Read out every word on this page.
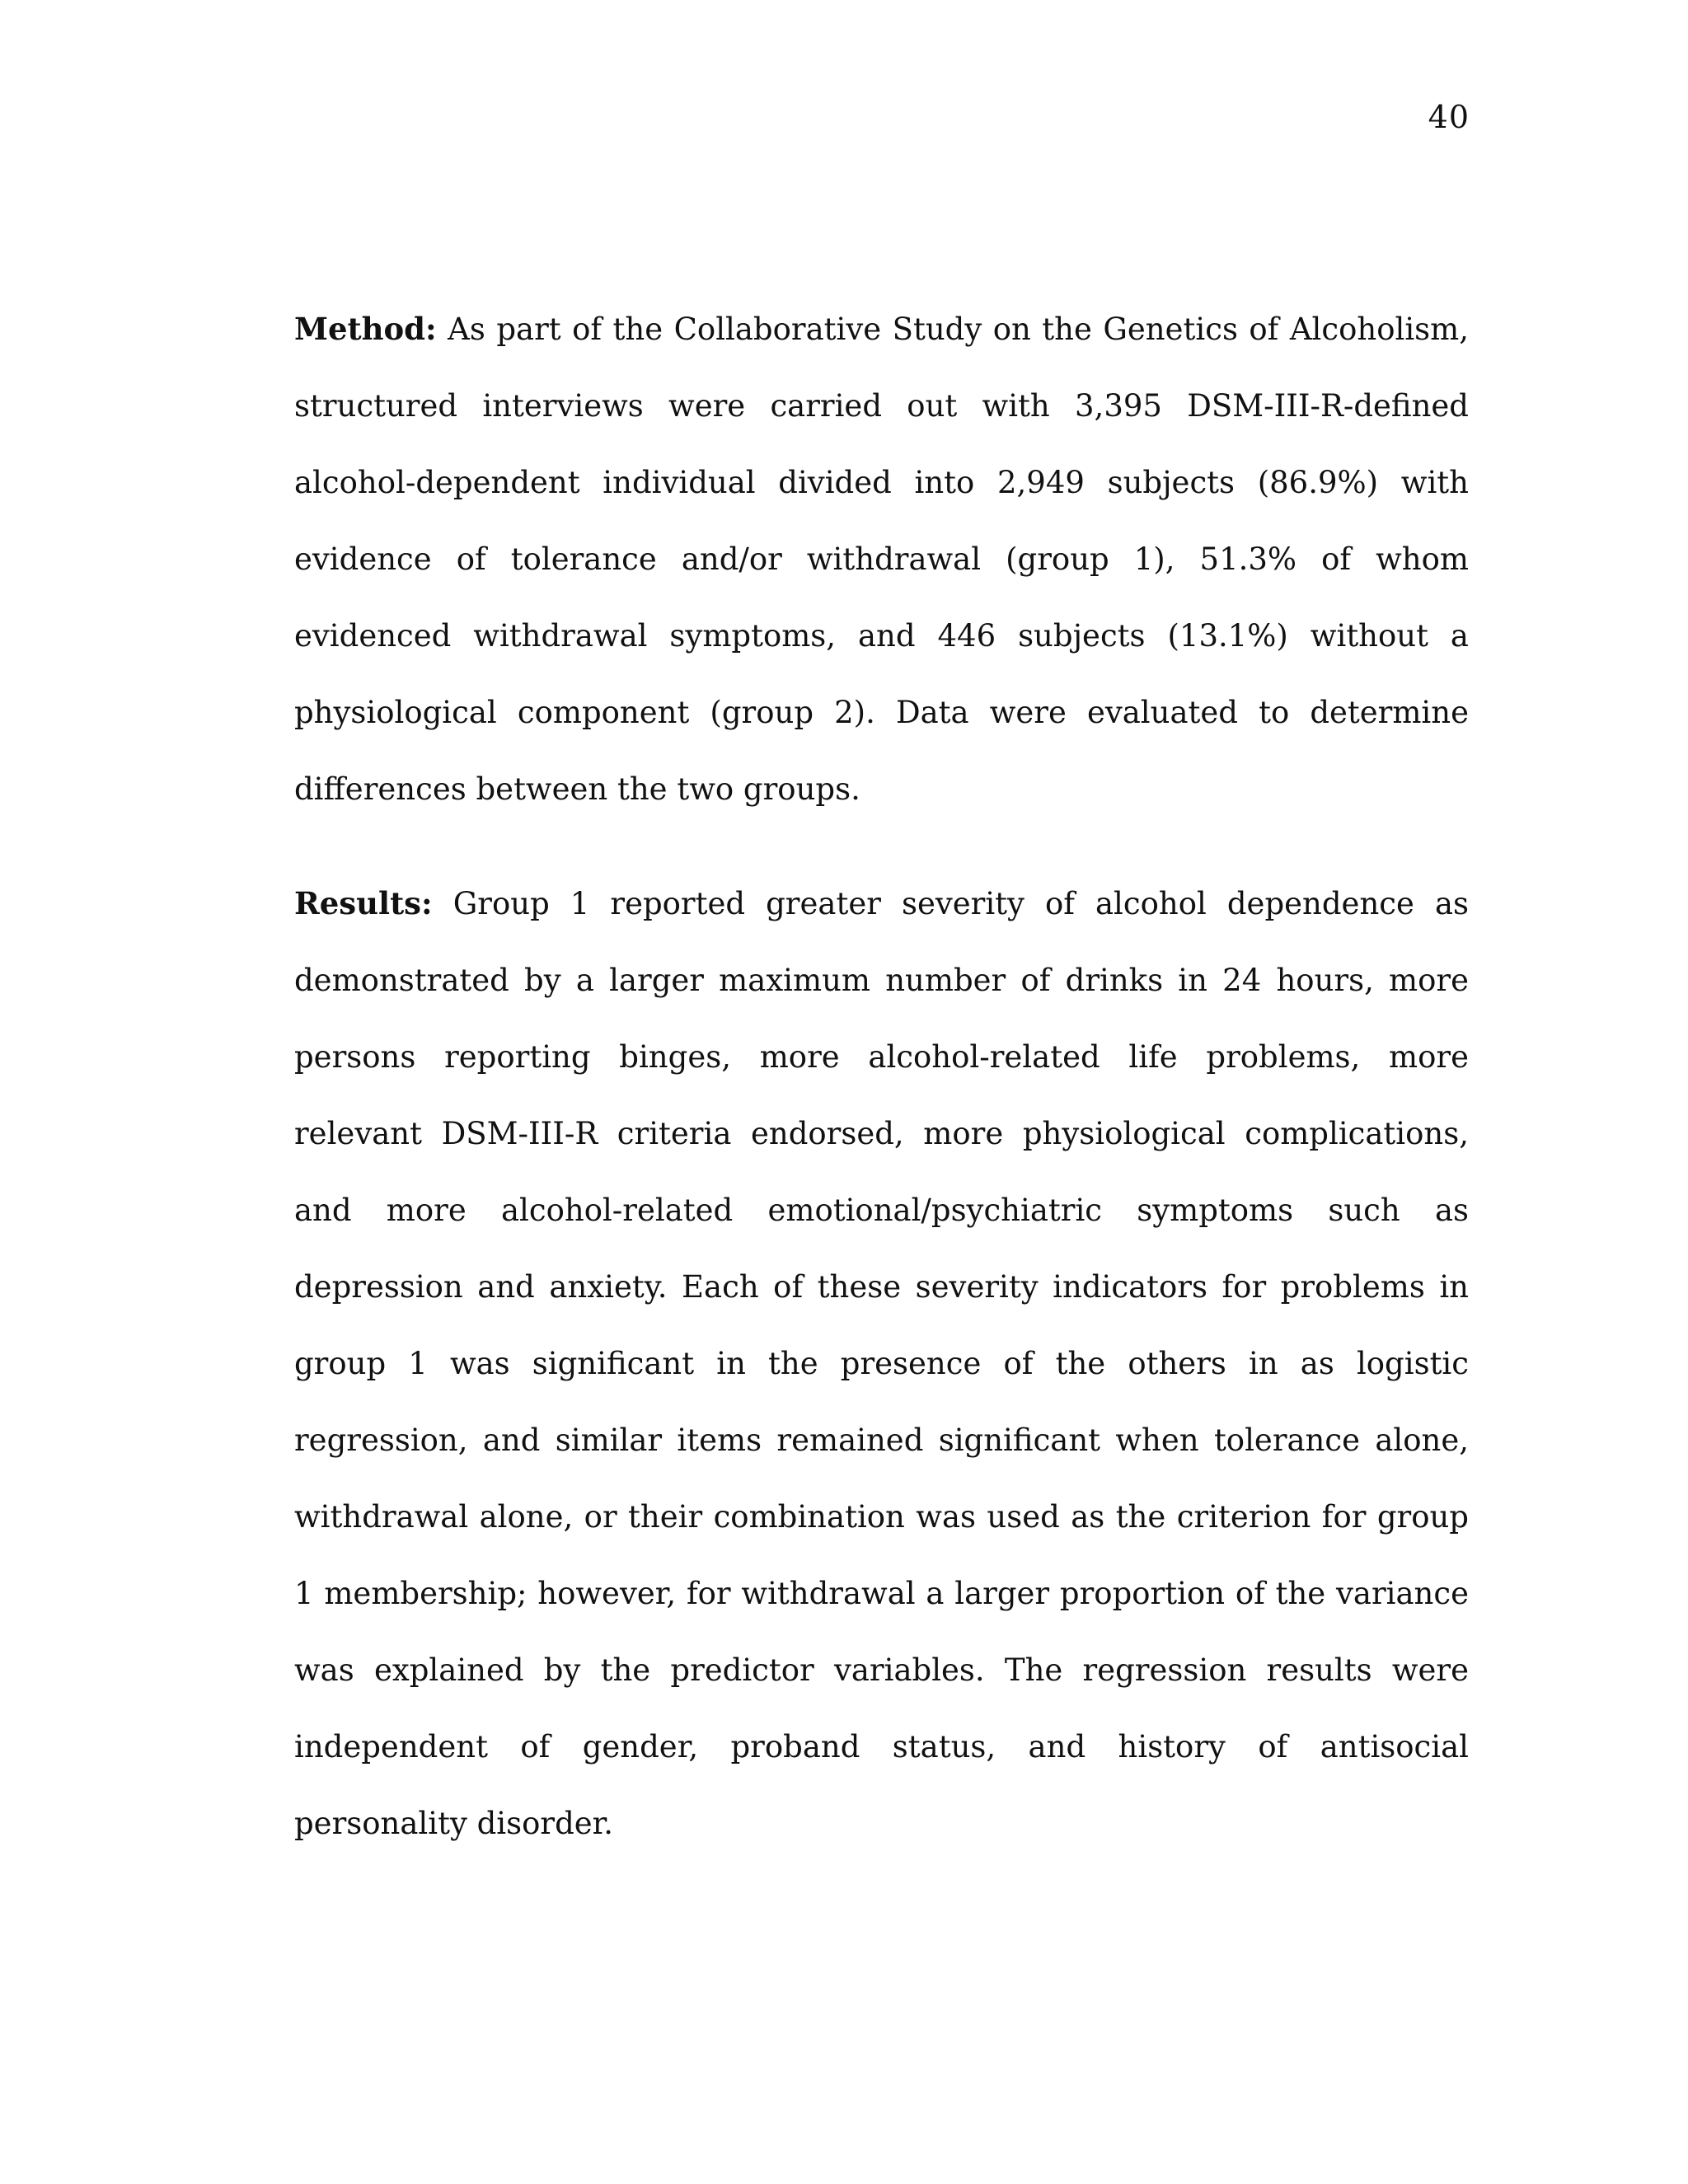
40

Method: As part of the Collaborative Study on the Genetics of Alcoholism, structured interviews were carried out with 3,395 DSM-III-R-defined alcohol-dependent individual divided into 2,949 subjects (86.9%) with evidence of tolerance and/or withdrawal (group 1), 51.3% of whom evidenced withdrawal symptoms, and 446 subjects (13.1%) without a physiological component (group 2). Data were evaluated to determine differences between the two groups.

Results: Group 1 reported greater severity of alcohol dependence as demonstrated by a larger maximum number of drinks in 24 hours, more persons reporting binges, more alcohol-related life problems, more relevant DSM-III-R criteria endorsed, more physiological complications, and more alcohol-related emotional/psychiatric symptoms such as depression and anxiety. Each of these severity indicators for problems in group 1 was significant in the presence of the others in as logistic regression, and similar items remained significant when tolerance alone, withdrawal alone, or their combination was used as the criterion for group 1 membership; however, for withdrawal a larger proportion of the variance was explained by the predictor variables. The regression results were independent of gender, proband status, and history of antisocial personality disorder.
